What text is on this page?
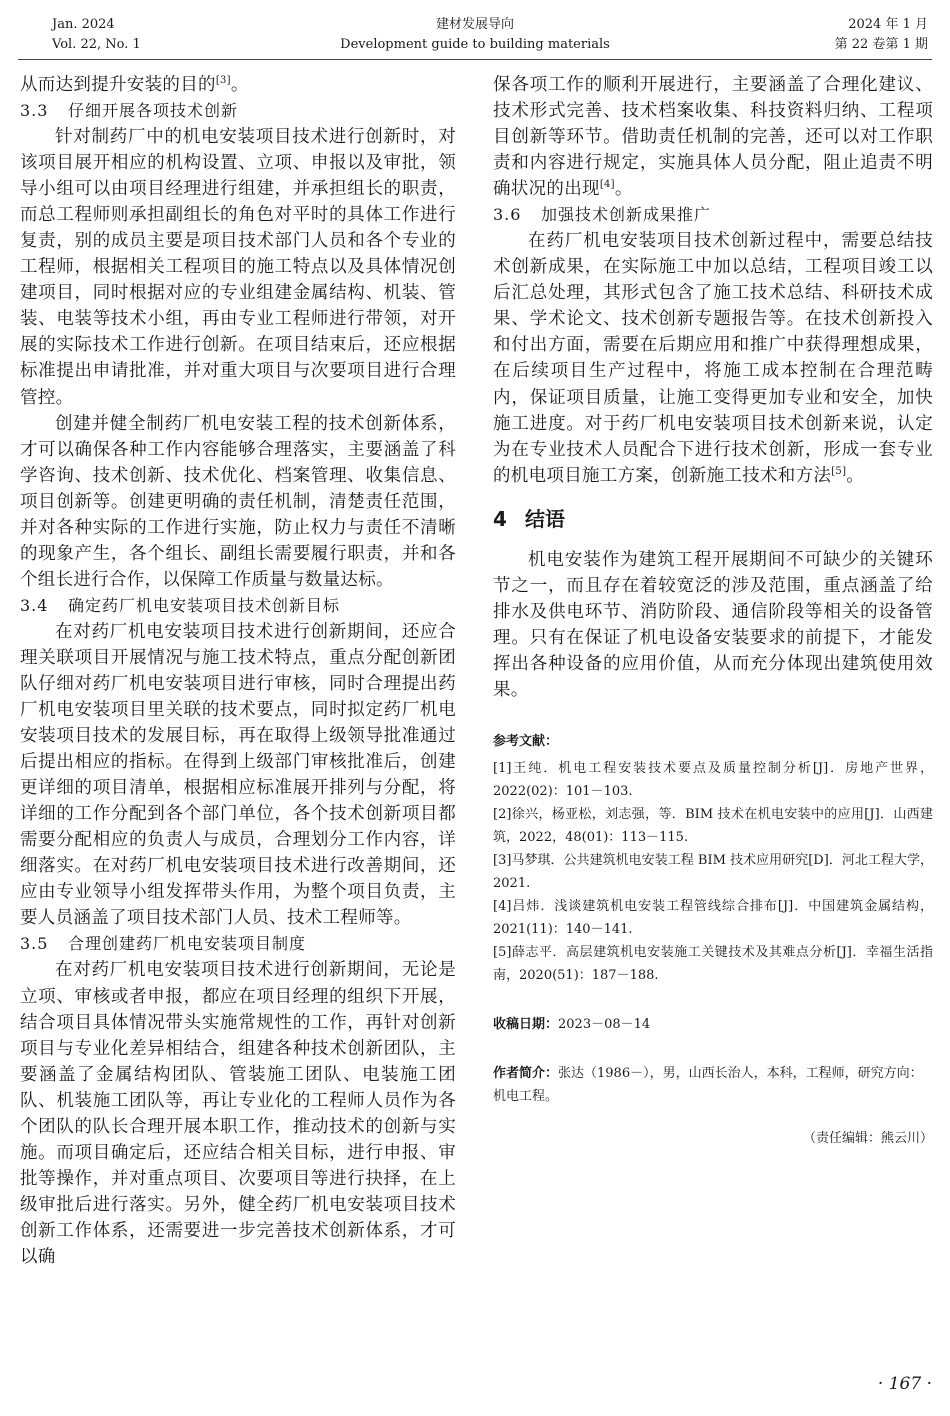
Jan. 2024
Vol. 22, No. 1
建材发展导向
Development guide to building materials
2024 年 1 月
第 22 卷第 1 期

从而达到提升安装的目的[3]。

3.3 仔细开展各项技术创新

针对制药厂中的机电安装项目技术进行创新时，对该项目展开相应的机构设置、立项、申报以及审批，领导小组可以由项目经理进行组建，并承担组长的职责，而总工程师则承担副组长的角色对平时的具体工作进行复责，别的成员主要是项目技术部门人员和各个专业的工程师，根据相关工程项目的施工特点以及具体情况创建项目，同时根据对应的专业组建金属结构、机装、管装、电装等技术小组，再由专业工程师进行带领，对开展的实际技术工作进行创新。在项目结束后，还应根据标准提出申请批准，并对重大项目与次要项目进行合理管控。

创建并健全制药厂机电安装工程的技术创新体系，才可以确保各种工作内容能够合理落实，主要涵盖了科学咨询、技术创新、技术优化、档案管理、收集信息、项目创新等。创建更明确的责任机制，清楚责任范围，并对各种实际的工作进行实施，防止权力与责任不清晰的现象产生，各个组长、副组长需要履行职责，并和各个组长进行合作，以保障工作质量与数量达标。

3.4 确定药厂机电安装项目技术创新目标

在对药厂机电安装项目技术进行创新期间，还应合理关联项目开展情况与施工技术特点，重点分配创新团队仔细对药厂机电安装项目进行审核，同时合理提出药厂机电安装项目里关联的技术要点，同时拟定药厂机电安装项目技术的发展目标，再在取得上级领导批准通过后提出相应的指标。在得到上级部门审核批准后，创建更详细的项目清单，根据相应标准展开排列与分配，将详细的工作分配到各个部门单位，各个技术创新项目都需要分配相应的负责人与成员，合理划分工作内容，详细落实。在对药厂机电安装项目技术进行改善期间，还应由专业领导小组发挥带头作用，为整个项目负责，主要人员涵盖了项目技术部门人员、技术工程师等。

3.5 合理创建药厂机电安装项目制度

在对药厂机电安装项目技术进行创新期间，无论是立项、审核或者申报，都应在项目经理的组织下开展，结合项目具体情况带头实施常规性的工作，再针对创新项目与专业化差异相结合，组建各种技术创新团队，主要涵盖了金属结构团队、管装施工团队、电装施工团队、机装施工团队等，再让专业化的工程师人员作为各个团队的队长合理开展本职工作，推动技术的创新与实施。而项目确定后，还应结合相关目标，进行申报、审批等操作，并对重点项目、次要项目等进行抉择，在上级审批后进行落实。另外，健全药厂机电安装项目技术创新工作体系，还需要进一步完善技术创新体系，才可以确

保各项工作的顺利开展进行，主要涵盖了合理化建议、技术形式完善、技术档案收集、科技资料归纳、工程项目创新等环节。借助责任机制的完善，还可以对工作职责和内容进行规定，实施具体人员分配，阻止追责不明确状况的出现[4]。

3.6 加强技术创新成果推广

在药厂机电安装项目技术创新过程中，需要总结技术创新成果，在实际施工中加以总结，工程项目竣工以后汇总处理，其形式包含了施工技术总结、科研技术成果、学术论文、技术创新专题报告等。在技术创新投入和付出方面，需要在后期应用和推广中获得理想成果，在后续项目生产过程中，将施工成本控制在合理范畴内，保证项目质量，让施工变得更加专业和安全，加快施工进度。对于药厂机电安装项目技术创新来说，认定为在专业技术人员配合下进行技术创新，形成一套专业的机电项目施工方案，创新施工技术和方法[5]。

4 结语

机电安装作为建筑工程开展期间不可缺少的关键环节之一，而且存在着较宽泛的涉及范围，重点涵盖了给排水及供电环节、消防阶段、通信阶段等相关的设备管理。只有在保证了机电设备安装要求的前提下，才能发挥出各种设备的应用价值，从而充分体现出建筑使用效果。

参考文献：
[1]王纯．机电工程安装技术要点及质量控制分析[J]．房地产世界，2022(02)：101－103.
[2]徐兴，杨亚松，刘志强，等．BIM 技术在机电安装中的应用[J]．山西建筑，2022，48(01)：113－115.
[3]马梦琪．公共建筑机电安装工程 BIM 技术应用研究[D]．河北工程大学，2021.
[4]吕炜．浅谈建筑机电安装工程管线综合排布[J]．中国建筑金属结构，2021(11)：140－141.
[5]薛志平．高层建筑机电安装施工关键技术及其难点分析[J]．幸福生活指南，2020(51)：187－188.
收稿日期：2023－08－14
作者简介：张达（1986－），男，山西长治人，本科，工程师，研究方向：机电工程。
（责任编辑：熊云川）
· 167 ·
